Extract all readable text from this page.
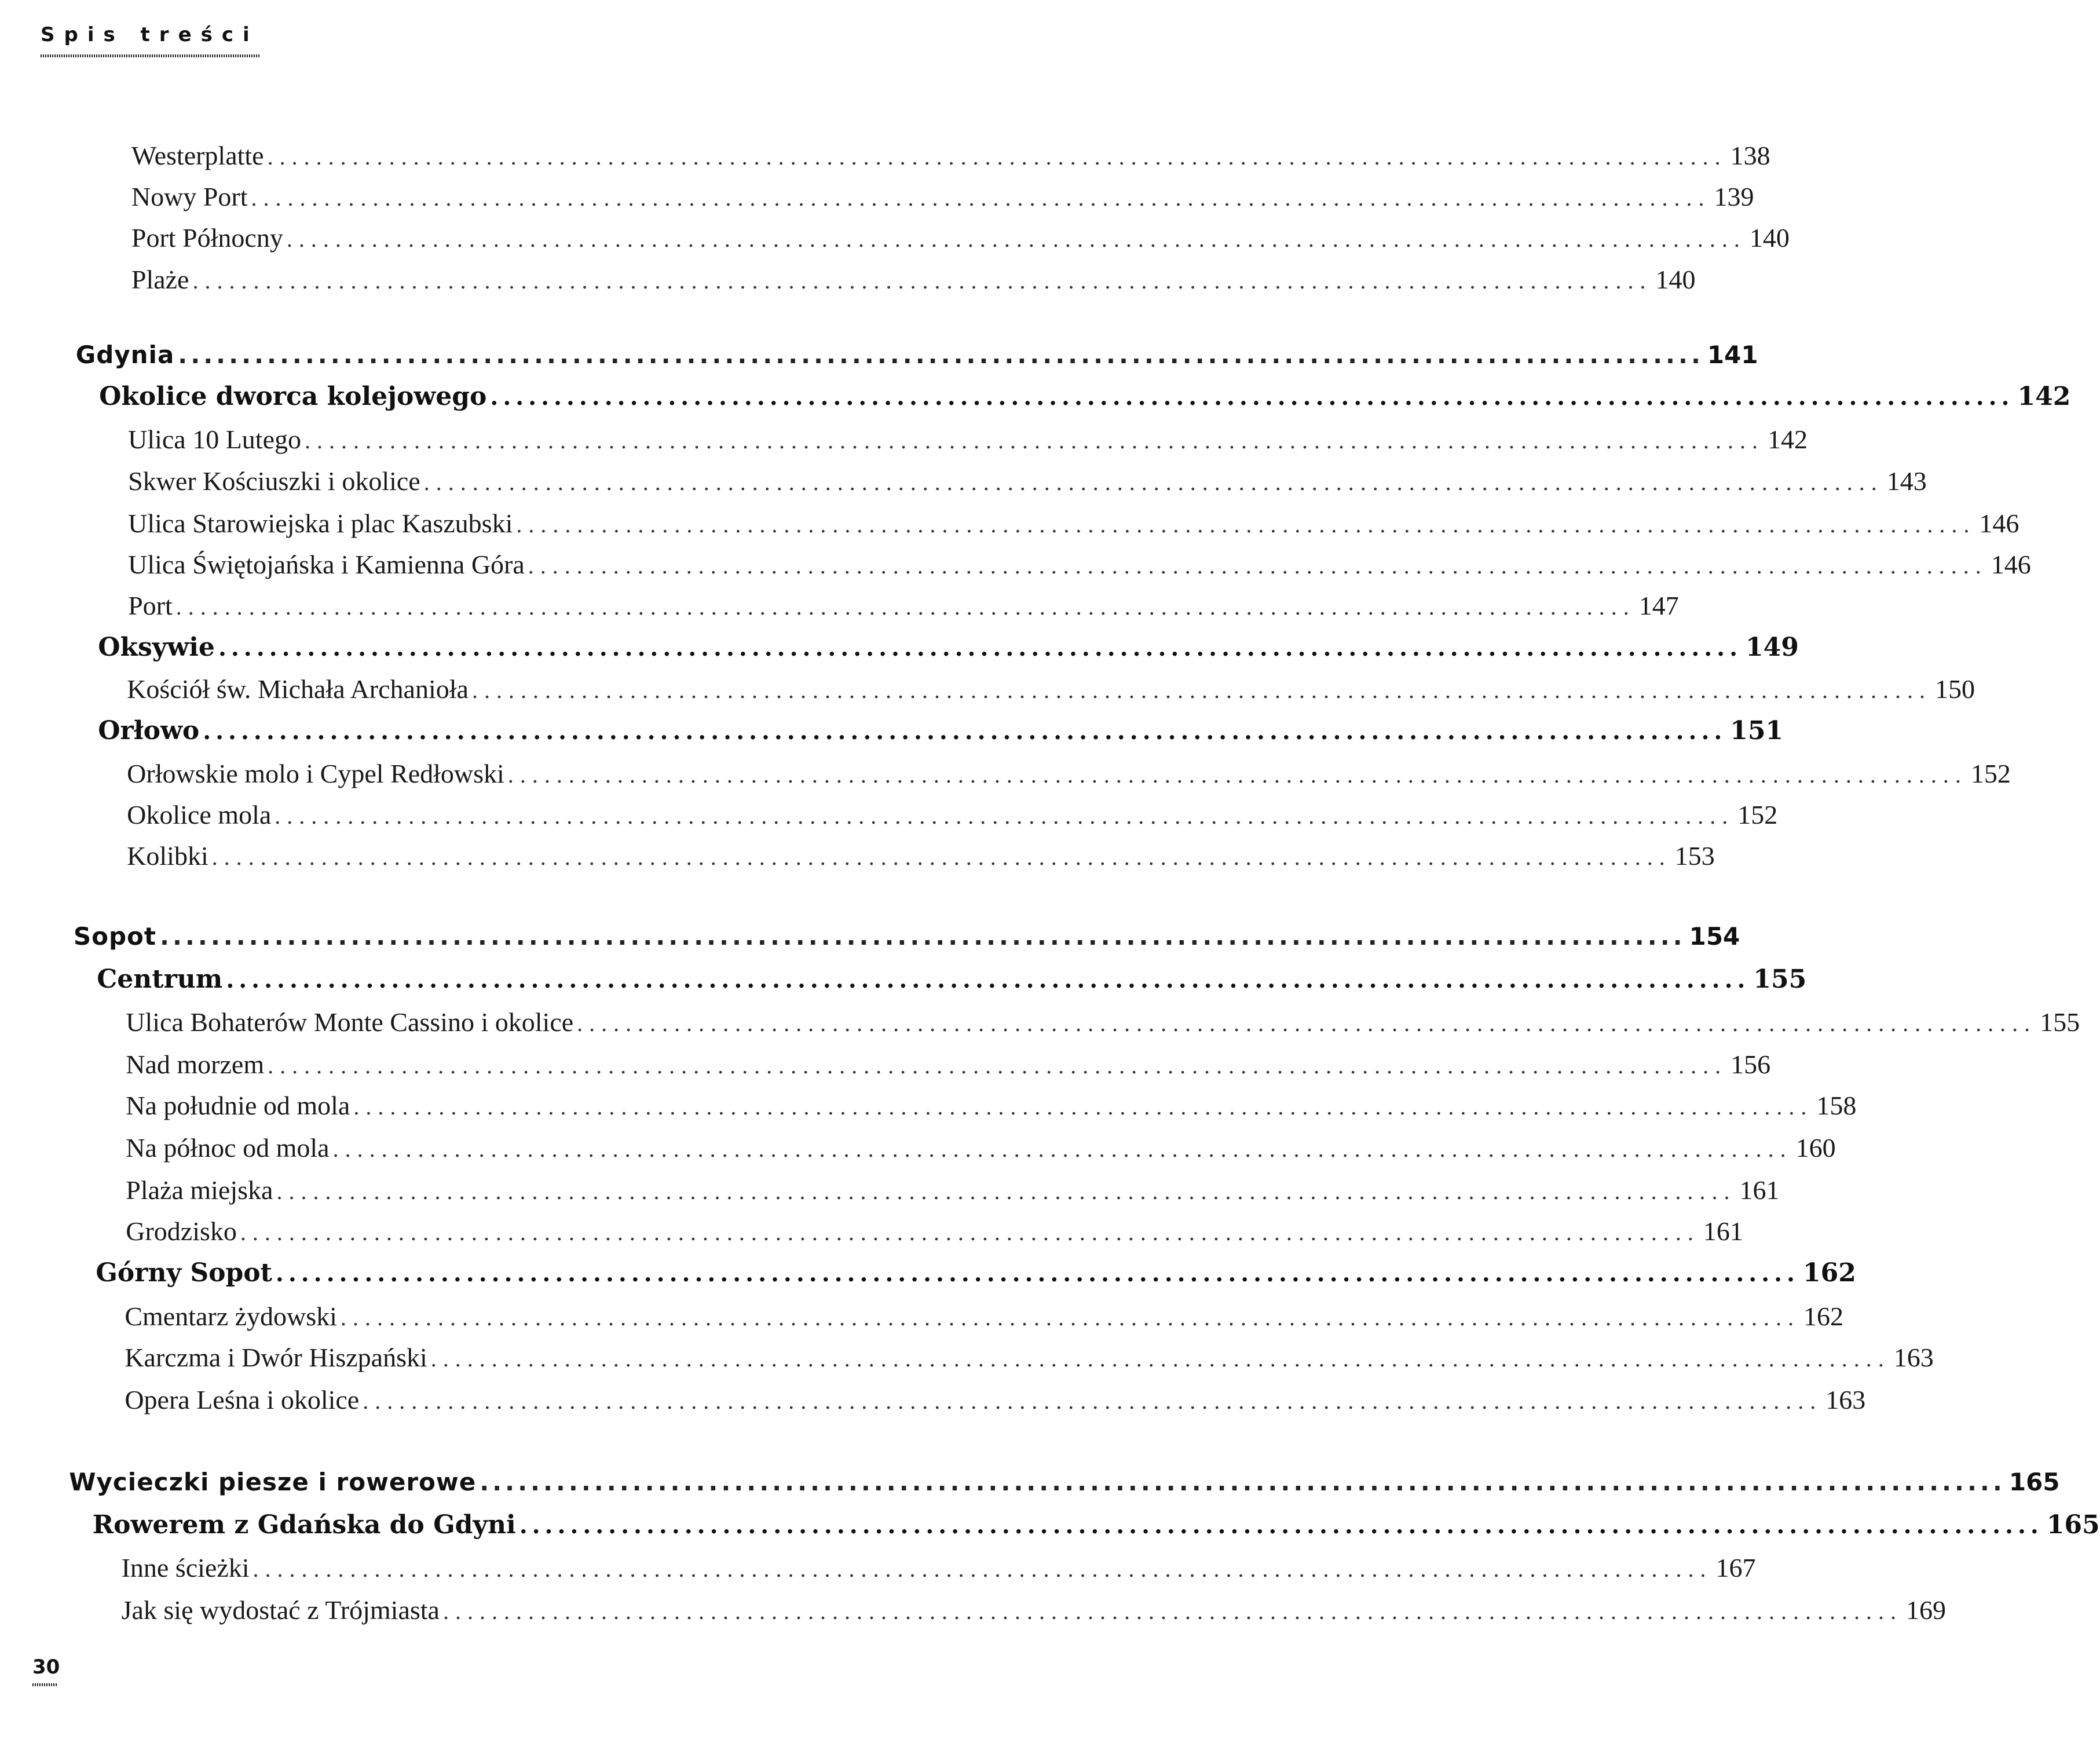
Spis treści
Westerplatte ........................................................................................................................ 138
Nowy Port ........................................................................................................................ 139
Port Północny ........................................................................................................................ 140
Plaże ........................................................................................................................ 140
Gdynia ........................................................................................................................ 141
Okolice dworca kolejowego ........................................................................................................................ 142
Ulica 10 Lutego ........................................................................................................................ 142
Skwer Kościuszki i okolice ........................................................................................................................ 143
Ulica Starowiejska i plac Kaszubski ........................................................................................................................ 146
Ulica Świętojańska i Kamienna Góra ........................................................................................................................ 146
Port ........................................................................................................................ 147
Oksywie ........................................................................................................................ 149
Kościół św. Michała Archanioła ........................................................................................................................ 150
Orłowo ........................................................................................................................ 151
Orłowskie molo i Cypel Redłowski ........................................................................................................................ 152
Okolice mola ........................................................................................................................ 152
Kolibki ........................................................................................................................ 153
Sopot ........................................................................................................................ 154
Centrum ........................................................................................................................ 155
Ulica Bohaterów Monte Cassino i okolice ........................................................................................................................ 155
Nad morzem ........................................................................................................................ 156
Na południe od mola ........................................................................................................................ 158
Na północ od mola ........................................................................................................................ 160
Plaża miejska ........................................................................................................................ 161
Grodzisko ........................................................................................................................ 161
Górny Sopot ........................................................................................................................ 162
Cmentarz żydowski ........................................................................................................................ 162
Karczma i Dwór Hiszpański ........................................................................................................................ 163
Opera Leśna i okolice ........................................................................................................................ 163
Wycieczki piesze i rowerowe ........................................................................................................................ 165
Rowerem z Gdańska do Gdyni ........................................................................................................................ 165
Inne ścieżki ........................................................................................................................ 167
Jak się wydostać z Trójmiasta ........................................................................................................................ 169
30
